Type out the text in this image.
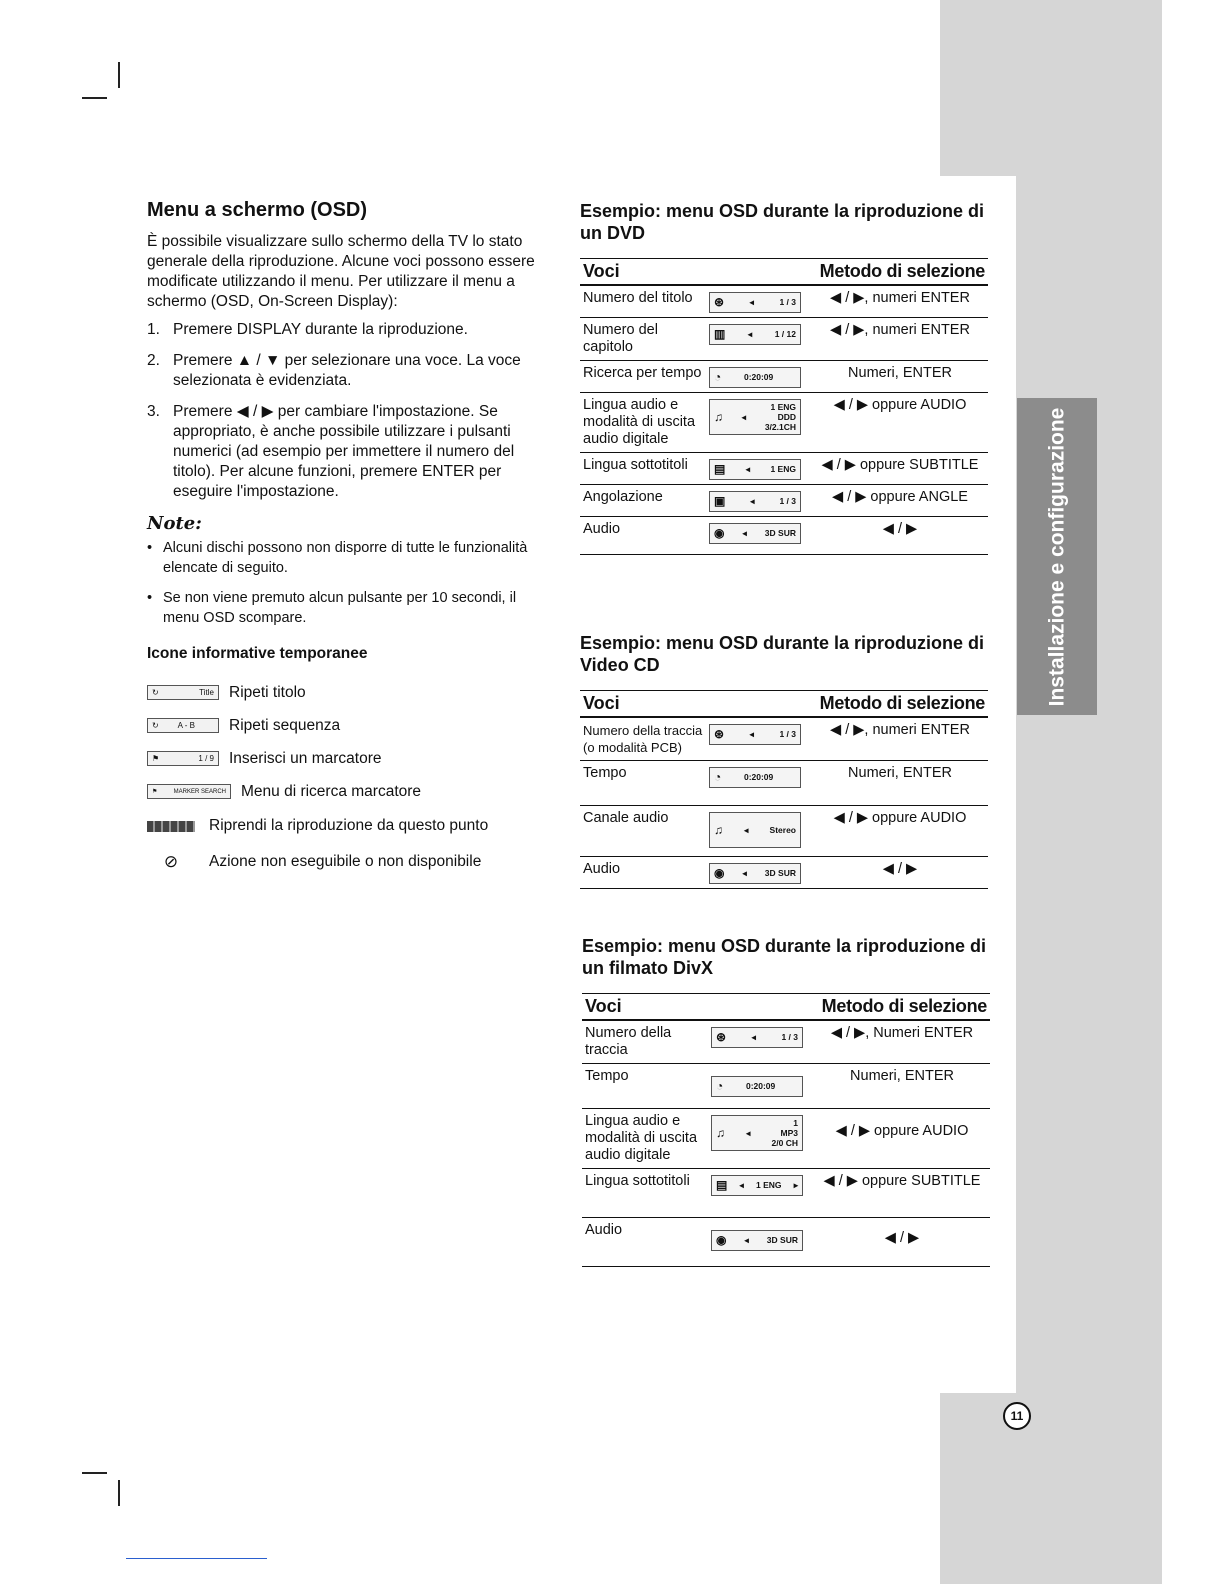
Installazione e configurazione
11
Menu a schermo (OSD)

È possibile visualizzare sullo schermo della TV lo stato generale della riproduzione. Alcune voci possono essere modificate utilizzando il menu. Per utilizzare il menu a schermo (OSD, On-Screen Display):

1. Premere DISPLAY durante la riproduzione.
2. Premere ▲ / ▼ per selezionare una voce. La voce selezionata è evidenziata.
3. Premere ◀ / ▶ per cambiare l'impostazione. Se appropriato, è anche possibile utilizzare i pulsanti numerici (ad esempio per immettere il numero del titolo). Per alcune funzioni, premere ENTER per eseguire l'impostazione.
Note:
• Alcuni dischi possono non disporre di tutte le funzionalità elencate di seguito.
• Se non viene premuto alcun pulsante per 10 secondi, il menu OSD scompare.
Icone informative temporanee
↻	Title Ripeti titolo
↻ A - B Ripeti sequenza
⚑	1 / 9 Inserisci un marcatore
⚑	MARKER SEARCH Menu di ricerca marcatore
Riprendi la riproduzione da questo punto
⊘	Azione non eseguibile o non disponibile
Esempio: menu OSD durante la riproduzione di un DVD
Voci		Metodo di selezione
Numero del titolo	⊛ ◂ 1 / 3	◀ / ▶, numeri ENTER
Numero del capitolo	▥ ◂ 1 / 12	◀ / ▶, numeri ENTER
Ricerca per tempo	◔ 0:20:09	Numeri, ENTER
Lingua audio e modalità di uscita audio digitale	♫ ◂
1 ENG
DDD
3/2.1CH	◀ / ▶ oppure AUDIO
Lingua sottotitoli	▤ ◂ 1 ENG	◀ / ▶ oppure SUBTITLE
Angolazione	▣ ◂ 1 / 3	◀ / ▶ oppure ANGLE
Audio	◉ ◂ 3D SUR	◀ / ▶
Esempio: menu OSD durante la riproduzione di Video CD
Voci		Metodo di selezione
Numero della traccia (o modalità PCB)	⊛ ◂ 1 / 3	◀ / ▶, numeri ENTER
Tempo	◔ 0:20:09	Numeri, ENTER
Canale audio	♫ ◂ Stereo	◀ / ▶ oppure AUDIO
Audio	◉ ◂ 3D SUR	◀ / ▶
Esempio: menu OSD durante la riproduzione di un filmato DivX
Voci		Metodo di selezione
Numero della traccia	⊛ ◂ 1 / 3	◀ / ▶, Numeri ENTER
Tempo	◔ 0:20:09	Numeri, ENTER
Lingua audio e modalità di uscita audio digitale	♫ ◂
1
MP3
2/0 CH	◀ / ▶ oppure AUDIO
Lingua sottotitoli	▤ ◂ 1 ENG ▸	◀ / ▶ oppure SUBTITLE
Audio	◉ ◂ 3D SUR	◀ / ▶
